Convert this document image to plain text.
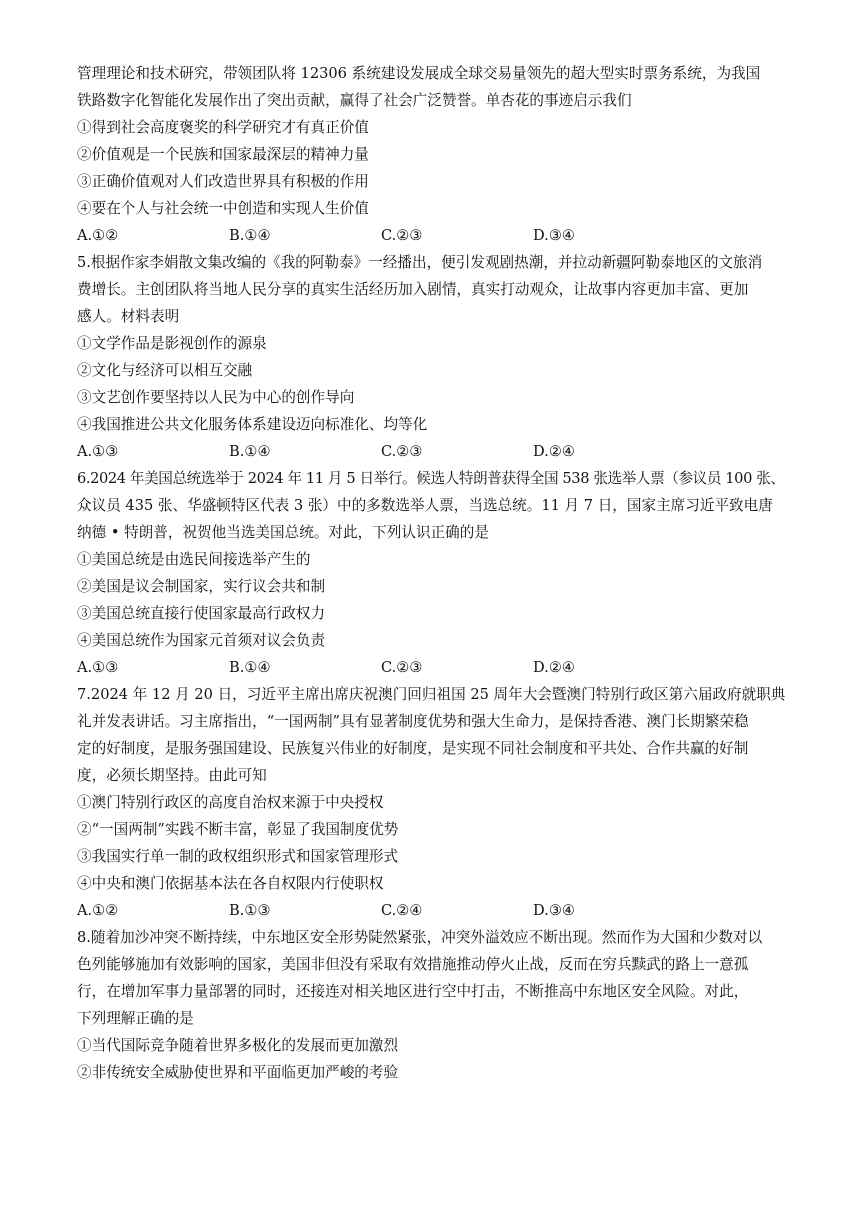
管理理论和技术研究，带领团队将 12306 系统建设发展成全球交易量领先的超大型实时票务系统，为我国
铁路数字化智能化发展作出了突出贡献，赢得了社会广泛赞誉。单杏花的事迹启示我们
①得到社会高度褒奖的科学研究才有真正价值
②价值观是一个民族和国家最深层的精神力量
③正确价值观对人们改造世界具有积极的作用
④要在个人与社会统一中创造和实现人生价值
A.①②	B.①④	C.②③	D.③④
5.根据作家李娟散文集改编的《我的阿勒泰》一经播出，便引发观剧热潮，并拉动新疆阿勒泰地区的文旅消
费增长。主创团队将当地人民分享的真实生活经历加入剧情，真实打动观众，让故事内容更加丰富、更加
感人。材料表明
①文学作品是影视创作的源泉
②文化与经济可以相互交融
③文艺创作要坚持以人民为中心的创作导向
④我国推进公共文化服务体系建设迈向标准化、均等化
A.①③	B.①④	C.②③	D.②④
6.2024 年美国总统选举于 2024 年 11 月 5 日举行。候选人特朗普获得全国 538 张选举人票（参议员 100 张、
众议员 435 张、华盛顿特区代表 3 张）中的多数选举人票，当选总统。11 月 7 日，国家主席习近平致电唐
纳德 • 特朗普，祝贺他当选美国总统。对此，下列认识正确的是
①美国总统是由选民间接选举产生的
②美国是议会制国家，实行议会共和制
③美国总统直接行使国家最高行政权力
④美国总统作为国家元首须对议会负责
A.①③	B.①④	C.②③	D.②④
7.2024 年 12 月 20 日，习近平主席出席庆祝澳门回归祖国 25 周年大会暨澳门特别行政区第六届政府就职典
礼并发表讲话。习主席指出，“一国两制”具有显著制度优势和强大生命力，是保持香港、澳门长期繁荣稳
定的好制度，是服务强国建设、民族复兴伟业的好制度，是实现不同社会制度和平共处、合作共赢的好制
度，必须长期坚持。由此可知
①澳门特别行政区的高度自治权来源于中央授权
②“一国两制”实践不断丰富，彰显了我国制度优势
③我国实行单一制的政权组织形式和国家管理形式
④中央和澳门依据基本法在各自权限内行使职权
A.①②	B.①③	C.②④	D.③④
8.随着加沙冲突不断持续，中东地区安全形势陡然紧张，冲突外溢效应不断出现。然而作为大国和少数对以
色列能够施加有效影响的国家，美国非但没有采取有效措施推动停火止战，反而在穷兵黩武的路上一意孤
行，在增加军事力量部署的同时，还接连对相关地区进行空中打击，不断推高中东地区安全风险。对此，
下列理解正确的是
①当代国际竞争随着世界多极化的发展而更加激烈
②非传统安全威胁使世界和平面临更加严峻的考验
